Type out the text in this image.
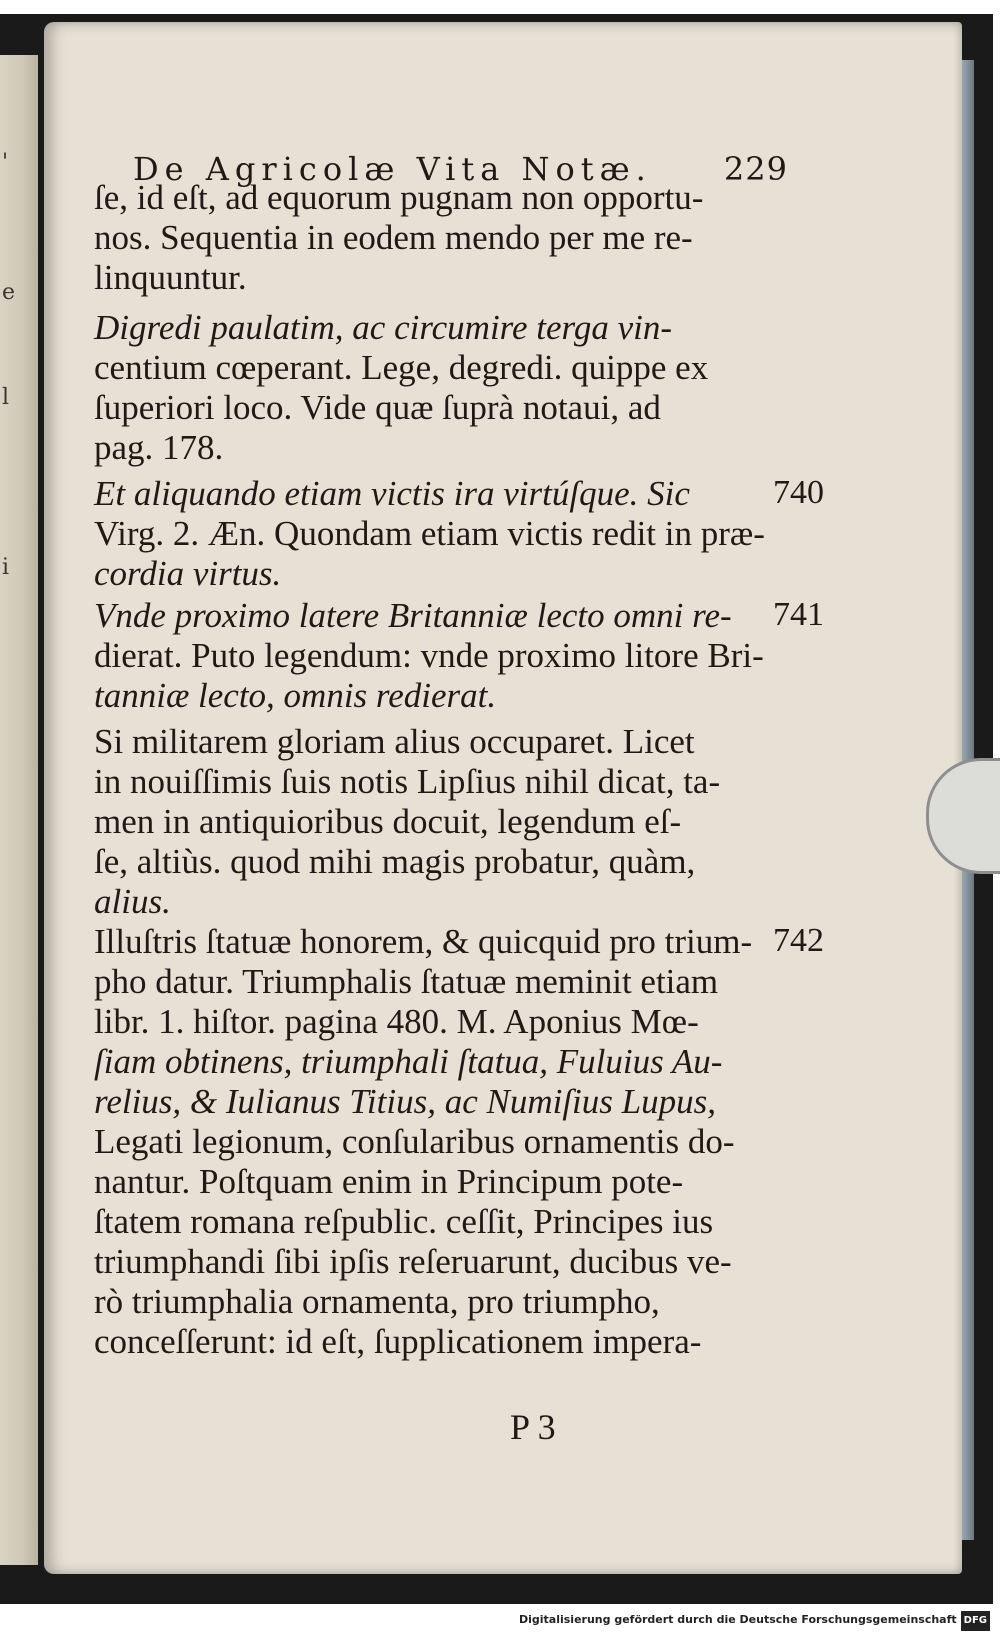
'
e
i
l
De Agricolæ Vita Notæ. 229
ſe, id eſt, ad equorum pugnam non opportu-
nos. Sequentia in eodem mendo per me re-
linquuntur.
Digredi paulatim, ac circumire terga vin-
centium cœperant. Lege, degredi. quippe ex
ſuperiori loco. Vide quæ ſuprà notaui, ad
pag. 178.
Et aliquando etiam victis ira virtúſque. Sic	740
Virg. 2. Æn. Quondam etiam victis redit in præ-
cordia virtus.
Vnde proximo latere Britanniæ lecto omni re-	741
dierat. Puto legendum: vnde proximo litore Bri-
tanniæ lecto, omnis redierat.
Si militarem gloriam alius occuparet. Licet
in nouiſſimis ſuis notis Lipſius nihil dicat, ta-
men in antiquioribus docuit, legendum eſ-
ſe, altiùs. quod mihi magis probatur, quàm,
alius.
Illuſtris ſtatuæ honorem, & quicquid pro trium- 742
pho datur. Triumphalis ſtatuæ meminit etiam
libr. 1. hiſtor. pagina 480. M. Aponius Mœ-
ſiam obtinens, triumphali ſtatua, Fuluius Au-
relius, & Iulianus Titius, ac Numiſius Lupus,
Legati legionum, conſularibus ornamentis do-
nantur. Poſtquam enim in Principum pote-
ſtatem romana reſpublic. ceſſit, Principes ius
triumphandi ſibi ipſis reſeruarunt, ducibus ve-
rò triumphalia ornamenta, pro triumpho,
conceſſerunt: id eſt, ſupplicationem impera-
P 3
Digitalisierung gefördert durch die Deutsche Forschungsgemeinschaft DFG
